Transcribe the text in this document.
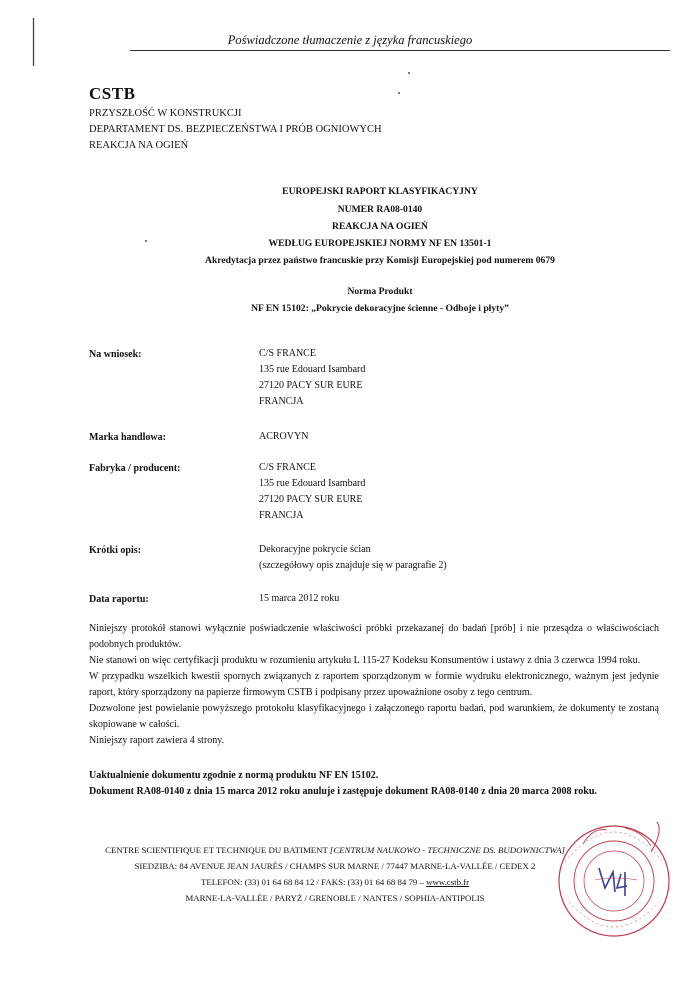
Poświadczone tłumaczenie z języka francuskiego
CSTB
PRZYSZŁOŚĆ W KONSTRUKCJI
DEPARTAMENT DS. BEZPIECZEŃSTWA I PRÓB OGNIOWYCH
REAKCJA NA OGIEŃ
EUROPEJSKI RAPORT KLASYFIKACYJNY
NUMER RA08-0140
REAKCJA NA OGIEŃ
WEDŁUG EUROPEJSKIEJ NORMY NF EN 13501-1
Akredytacja przez państwo francuskie przy Komisji Europejskiej pod numerem 0679
Norma Produkt
NF EN 15102: „Pokrycie dekoracyjne ścienne - Odboje i płyty”
Na wniosek:	C/S FRANCE
135 rue Edouard Isambard
27120 PACY SUR EURE
FRANCJA
Marka handlowa:	ACROVYN
Fabryka / producent:	C/S FRANCE
135 rue Edouard Isambard
27120 PACY SUR EURE
FRANCJA
Krótki opis:	Dekoracyjne pokrycie ścian
(szczegółowy opis znajduje się w paragrafie 2)
Data raportu:	15 marca 2012 roku

Niniejszy protokół stanowi wyłącznie poświadczenie właściwości próbki przekazanej do badań [prób] i nie przesądza o właściwościach podobnych produktów.

Nie stanowi on więc certyfikacji produktu w rozumieniu artykułu L 115-27 Kodeksu Konsumentów i ustawy z dnia 3 czerwca 1994 roku.

W przypadku wszelkich kwestii spornych związanych z raportem sporządzonym w formie wydruku elektronicznego, ważnym jest jedynie raport, który sporządzony na papierze firmowym CSTB i podpisany przez upoważnione osoby z tego centrum.

Dozwolone jest powielanie powyższego protokołu klasyfikacyjnego i załączonego raportu badań, pod warunkiem, że dokumenty te zostaną skopiowane w całości.

Niniejszy raport zawiera 4 strony.

Uaktualnienie dokumentu zgodnie z normą produktu NF EN 15102.
Dokument RA08-0140 z dnia 15 marca 2012 roku anuluje i zastępuje dokument RA08-0140 z dnia 20 marca 2008 roku.
CENTRE SCIENTIFIQUE ET TECHNIQUE DU BATIMENT [CENTRUM NAUKOWO - TECHNICZNE DS. BUDOWNICTWA]
SIEDZIBA: 84 AVENUE JEAN JAURÉS / CHAMPS SUR MARNE / 77447 MARNE-LA-VALLÉE / CEDEX 2
TELEFON: (33) 01 64 68 84 12 / FAKS: (33) 01 64 68 84 79 – www.cstb.fr
MARNE-LA-VALLÉE / PARYŻ / GRENOBLE / NANTES / SOPHIA-ANTIPOLIS
